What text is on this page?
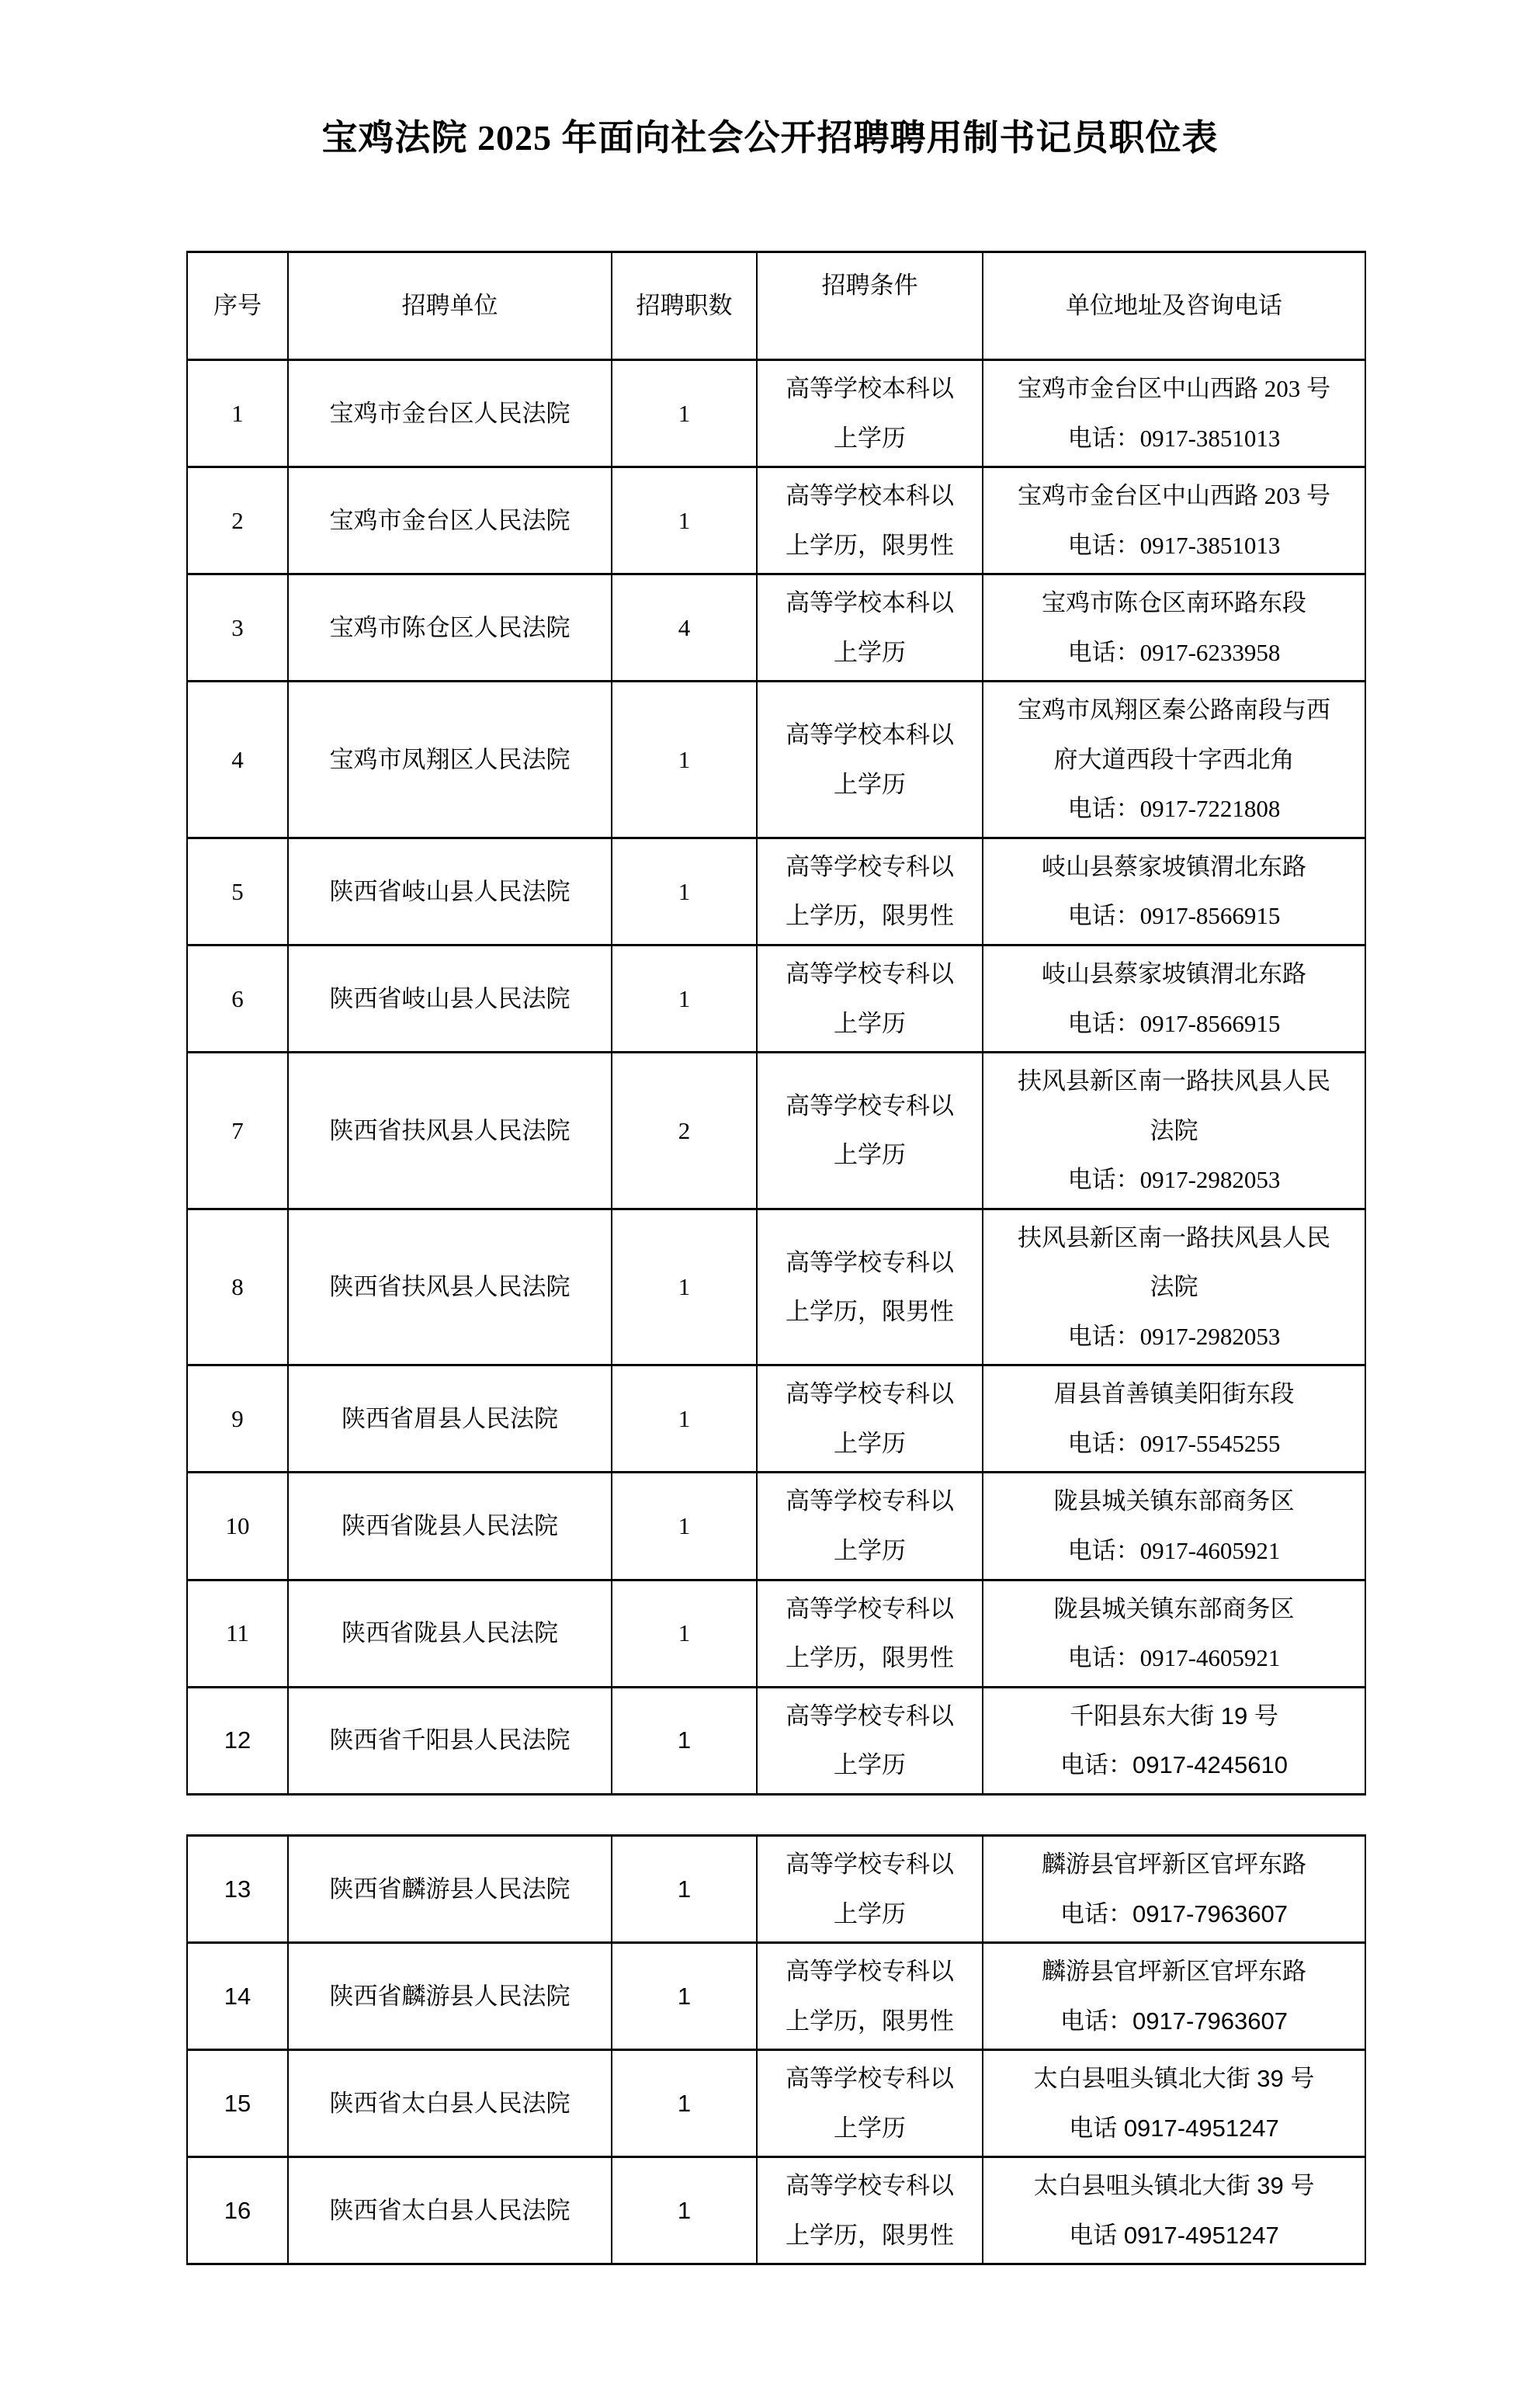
宝鸡法院 2025 年面向社会公开招聘聘用制书记员职位表
序号	招聘单位	招聘职数	招聘条件	单位地址及咨询电话
1	宝鸡市金台区人民法院	1	高等学校本科以上学历	宝鸡市金台区中山西路 203 号
电话：0917-3851013

2	宝鸡市金台区人民法院	1	高等学校本科以上学历，限男性	宝鸡市金台区中山西路 203 号
电话：0917-3851013

3	宝鸡市陈仓区人民法院	4	高等学校本科以上学历	宝鸡市陈仓区南环路东段
电话：0917-6233958

4	宝鸡市凤翔区人民法院	1	高等学校本科以上学历	宝鸡市凤翔区秦公路南段与西府大道西段十字西北角
电话：0917-7221808

5	陕西省岐山县人民法院	1	高等学校专科以上学历，限男性	岐山县蔡家坡镇渭北东路
电话：0917-8566915

6	陕西省岐山县人民法院	1	高等学校专科以上学历	岐山县蔡家坡镇渭北东路
电话：0917-8566915

7	陕西省扶风县人民法院	2	高等学校专科以上学历	扶风县新区南一路扶风县人民法院
电话：0917-2982053

8	陕西省扶风县人民法院	1	高等学校专科以上学历，限男性	扶风县新区南一路扶风县人民法院
电话：0917-2982053

9	陕西省眉县人民法院	1	高等学校专科以上学历	眉县首善镇美阳街东段
电话：0917-5545255

10	陕西省陇县人民法院	1	高等学校专科以上学历	陇县城关镇东部商务区
电话：0917-4605921

11	陕西省陇县人民法院	1	高等学校专科以上学历，限男性	陇县城关镇东部商务区
电话：0917-4605921

12	陕西省千阳县人民法院	1	高等学校专科以上学历	千阳县东大街 19 号
电话：0917-4245610
13	陕西省麟游县人民法院	1	高等学校专科以上学历	麟游县官坪新区官坪东路
电话：0917-7963607

14	陕西省麟游县人民法院	1	高等学校专科以上学历，限男性	麟游县官坪新区官坪东路
电话：0917-7963607

15	陕西省太白县人民法院	1	高等学校专科以上学历	太白县咀头镇北大街 39 号
电话 0917-4951247

16	陕西省太白县人民法院	1	高等学校专科以上学历，限男性	太白县咀头镇北大街 39 号
电话 0917-4951247
